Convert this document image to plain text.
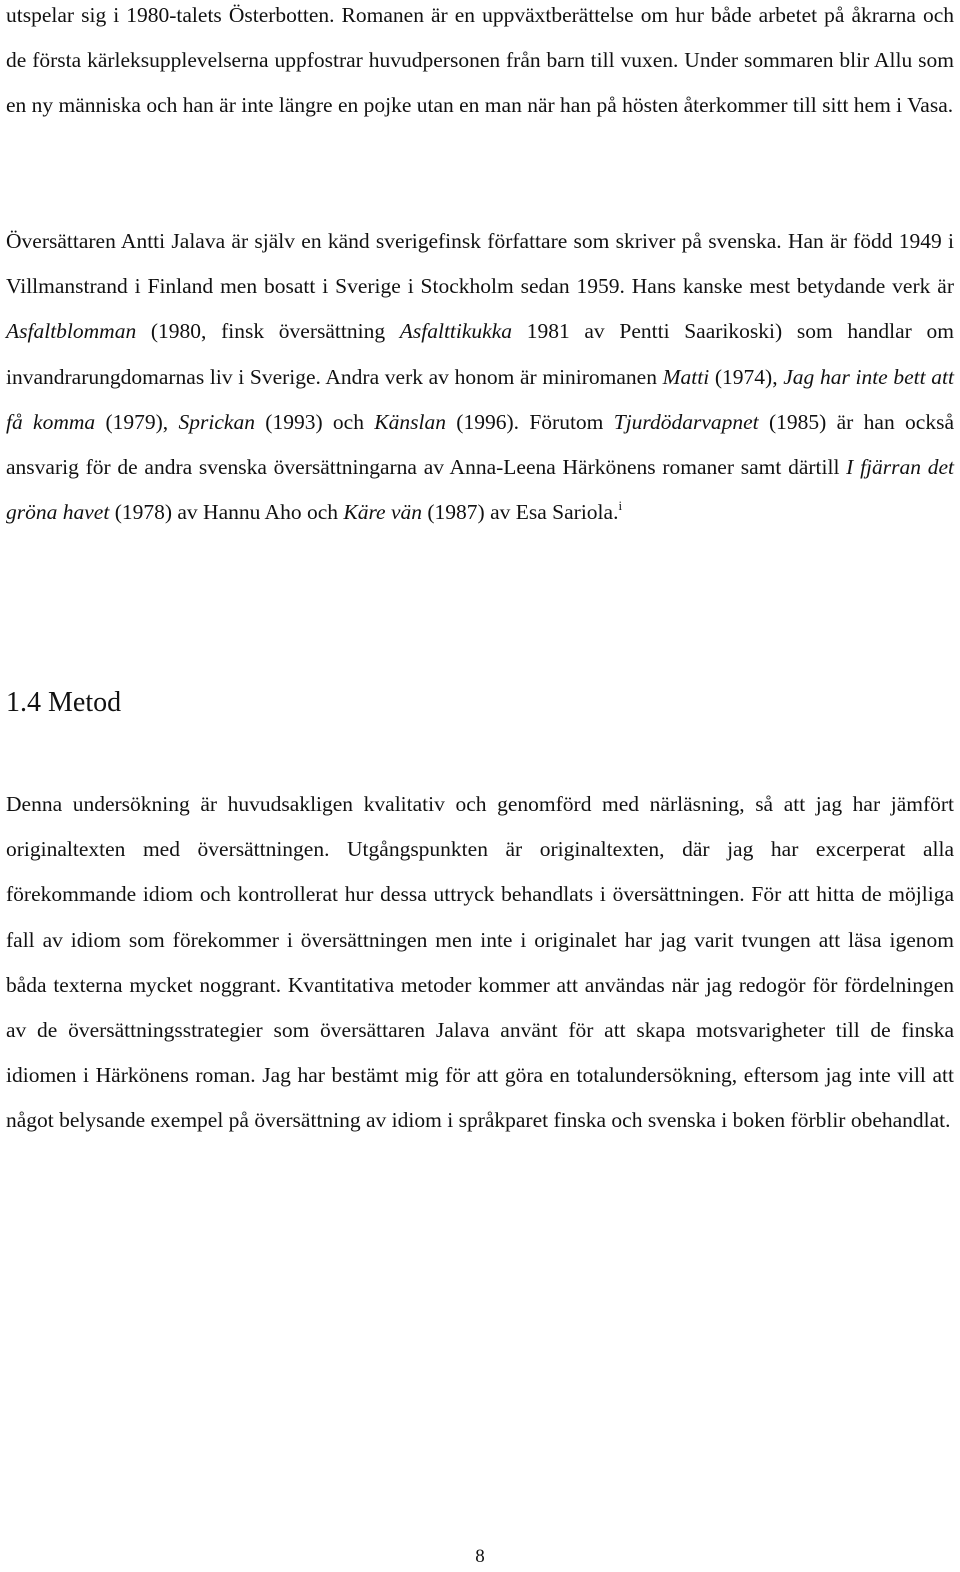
utspelar sig i 1980-talets Österbotten. Romanen är en uppväxtberättelse om hur både arbetet på åkrarna och de första kärleksupplevelserna uppfostrar huvudpersonen från barn till vuxen. Under sommaren blir Allu som en ny människa och han är inte längre en pojke utan en man när han på hösten återkommer till sitt hem i Vasa.

Översättaren Antti Jalava är själv en känd sverigefinsk författare som skriver på svenska. Han är född 1949 i Villmanstrand i Finland men bosatt i Sverige i Stockholm sedan 1959. Hans kanske mest betydande verk är Asfaltblomman (1980, finsk översättning Asfalttikukka 1981 av Pentti Saarikoski) som handlar om invandrarungdomarnas liv i Sverige. Andra verk av honom är miniromanen Matti (1974), Jag har inte bett att få komma (1979), Sprickan (1993) och Känslan (1996). Förutom Tjurdödarvapnet (1985) är han också ansvarig för de andra svenska översättningarna av Anna-Leena Härkönens romaner samt därtill I fjärran det gröna havet (1978) av Hannu Aho och Käre vän (1987) av Esa Sariola.$^i$

1.4 Metod

Denna undersökning är huvudsakligen kvalitativ och genomförd med närläsning, så att jag har jämfört originaltexten med översättningen. Utgångspunkten är originaltexten, där jag har excerperat alla förekommande idiom och kontrollerat hur dessa uttryck behandlats i översättningen. För att hitta de möjliga fall av idiom som förekommer i översättningen men inte i originalet har jag varit tvungen att läsa igenom båda texterna mycket noggrant. Kvantitativa metoder kommer att användas när jag redogör för fördelningen av de översättningsstrategier som översättaren Jalava använt för att skapa motsvarigheter till de finska idiomen i Härkönens roman. Jag har bestämt mig för att göra en totalundersökning, eftersom jag inte vill att något belysande exempel på översättning av idiom i språkparet finska och svenska i boken förblir obehandlat.

8
